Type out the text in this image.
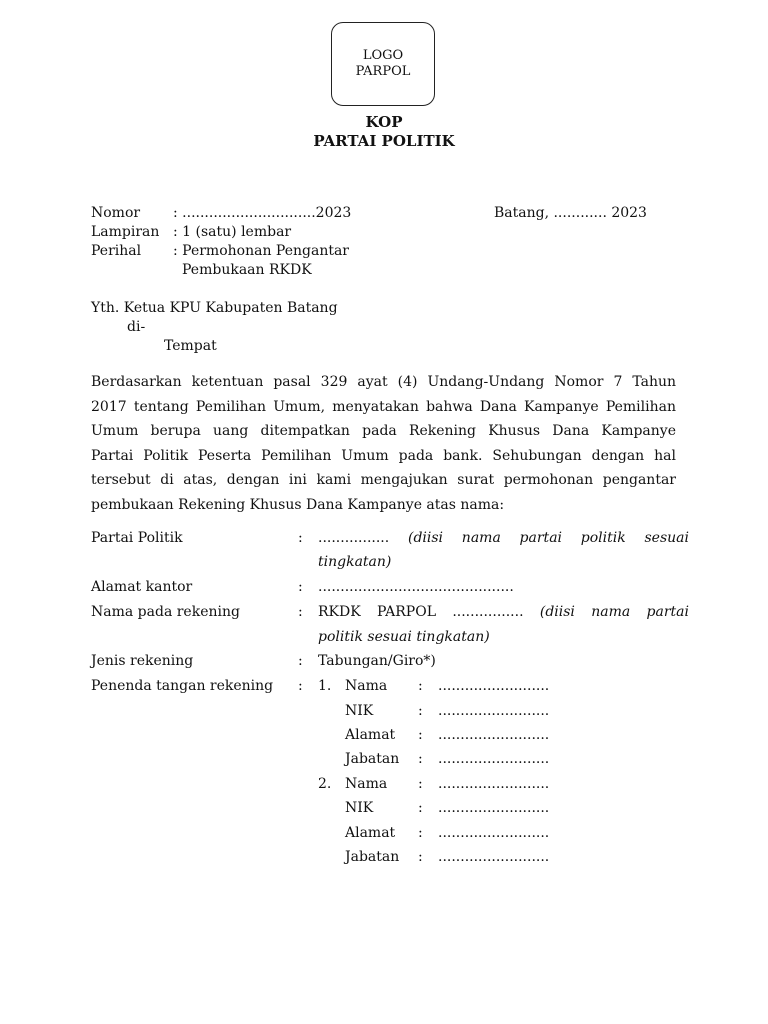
LOGO
PARPOL
KOP
PARTAI POLITIK
Nomor : ..............................2023	Batang, ............ 2023
Lampiran : 1 (satu) lembar
Perihal : Permohonan Pengantar
Pembukaan RKDK
Yth. Ketua KPU Kabupaten Batang
di-
Tempat
Berdasarkan ketentuan pasal 329 ayat (4) Undang-Undang Nomor 7 Tahun
2017 tentang Pemilihan Umum, menyatakan bahwa Dana Kampanye Pemilihan
Umum berupa uang ditempatkan pada Rekening Khusus Dana Kampanye
Partai Politik Peserta Pemilihan Umum pada bank. Sehubungan dengan hal
tersebut di atas, dengan ini kami mengajukan surat permohonan pengantar
pembukaan Rekening Khusus Dana Kampanye atas nama:
Partai Politik	: ................ (diisi nama partai politik sesuai
tingkatan)
Alamat kantor	: ............................................
Nama pada rekening	: RKDK PARPOL ................ (diisi nama partai
politik sesuai tingkatan)
Jenis rekening	: Tabungan/Giro*)
Penenda tangan rekening : 1. Nama : .........................
NIK	: .........................
Alamat : .........................
Jabatan : .........................
2. Nama : .........................
NIK	: .........................
Alamat : .........................
Jabatan : .........................
